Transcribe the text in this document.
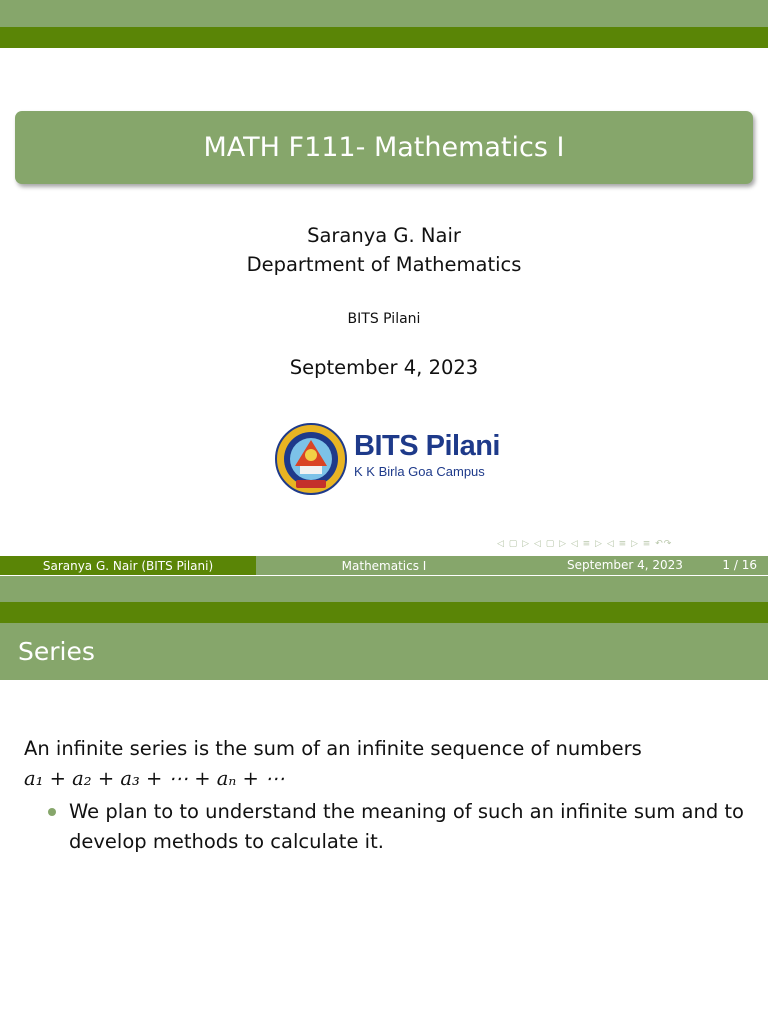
MATH F111- Mathematics I
Saranya G. Nair
Department of Mathematics
BITS Pilani
September 4, 2023
BITS Pilani
K K Birla Goa Campus
◁ ▢ ▷ ◁ ▢ ▷ ◁ ≡ ▷ ◁ ≡ ▷ ≡ ↶↷
Saranya G. Nair (BITS Pilani)	Mathematics I	September 4, 2023	1 / 16
Series
An infinite series is the sum of an infinite sequence of numbers
a₁ + a₂ + a₃ + ⋯ + aₙ + ⋯
We plan to to understand the meaning of such an infinite sum and to
develop methods to calculate it.
